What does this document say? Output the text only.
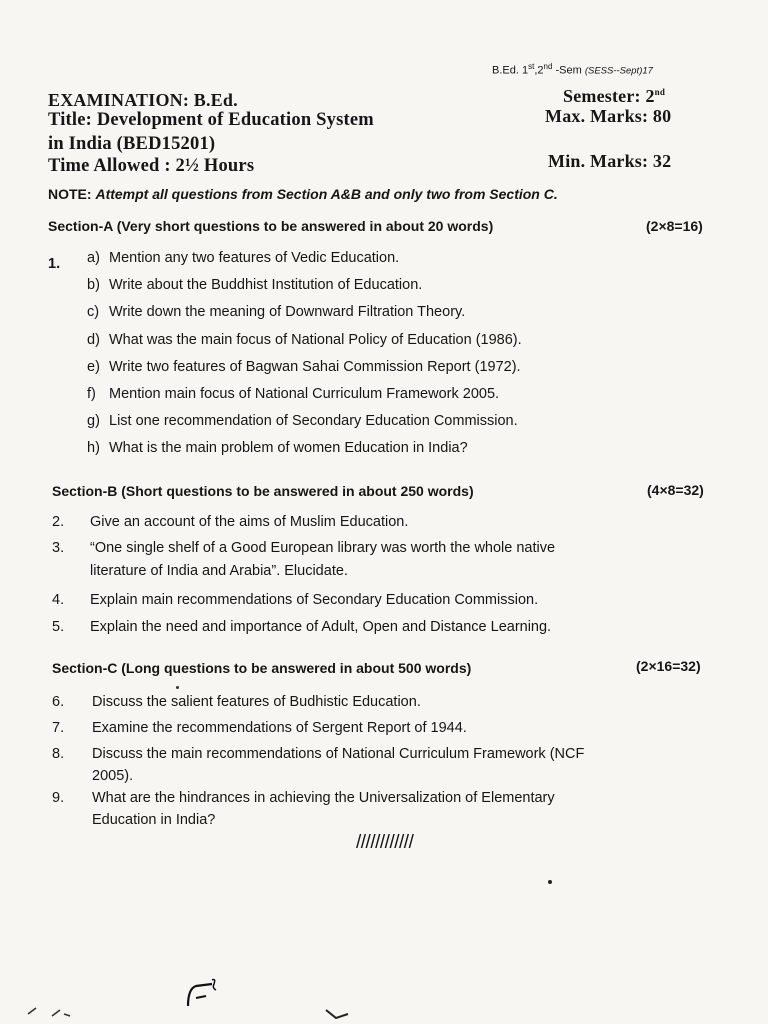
B.Ed. 1st,2nd -Sem (SESS--Sept)17
EXAMINATION: B.Ed.
Title: Development of Education System
in India (BED15201)
Time Allowed : 2½ Hours
Semester: 2nd
Max. Marks: 80
Min. Marks: 32
NOTE: Attempt all questions from Section A&B and only two from Section C.
Section-A (Very short questions to be answered in about 20 words)	(2×8=16)
1. a) Mention any two features of Vedic Education.
b) Write about the Buddhist Institution of Education.
c) Write down the meaning of Downward Filtration Theory.
d) What was the main focus of National Policy of Education (1986).
e) Write two features of Bagwan Sahai Commission Report (1972).
f) Mention main focus of National Curriculum Framework 2005.
g) List one recommendation of Secondary Education Commission.
h) What is the main problem of women Education in India?
Section-B (Short questions to be answered in about 250 words)	(4×8=32)
2. Give an account of the aims of Muslim Education.
3. “One single shelf of a Good European library was worth the whole native
literature of India and Arabia”. Elucidate.
4. Explain main recommendations of Secondary Education Commission.
5. Explain the need and importance of Adult, Open and Distance Learning.
Section-C (Long questions to be answered in about 500 words)	(2×16=32)
6. Discuss the salient features of Budhistic Education.
7. Examine the recommendations of Sergent Report of 1944.
8. Discuss the main recommendations of National Curriculum Framework (NCF
2005).
9. What are the hindrances in achieving the Universalization of Elementary
Education in India?
////////////
